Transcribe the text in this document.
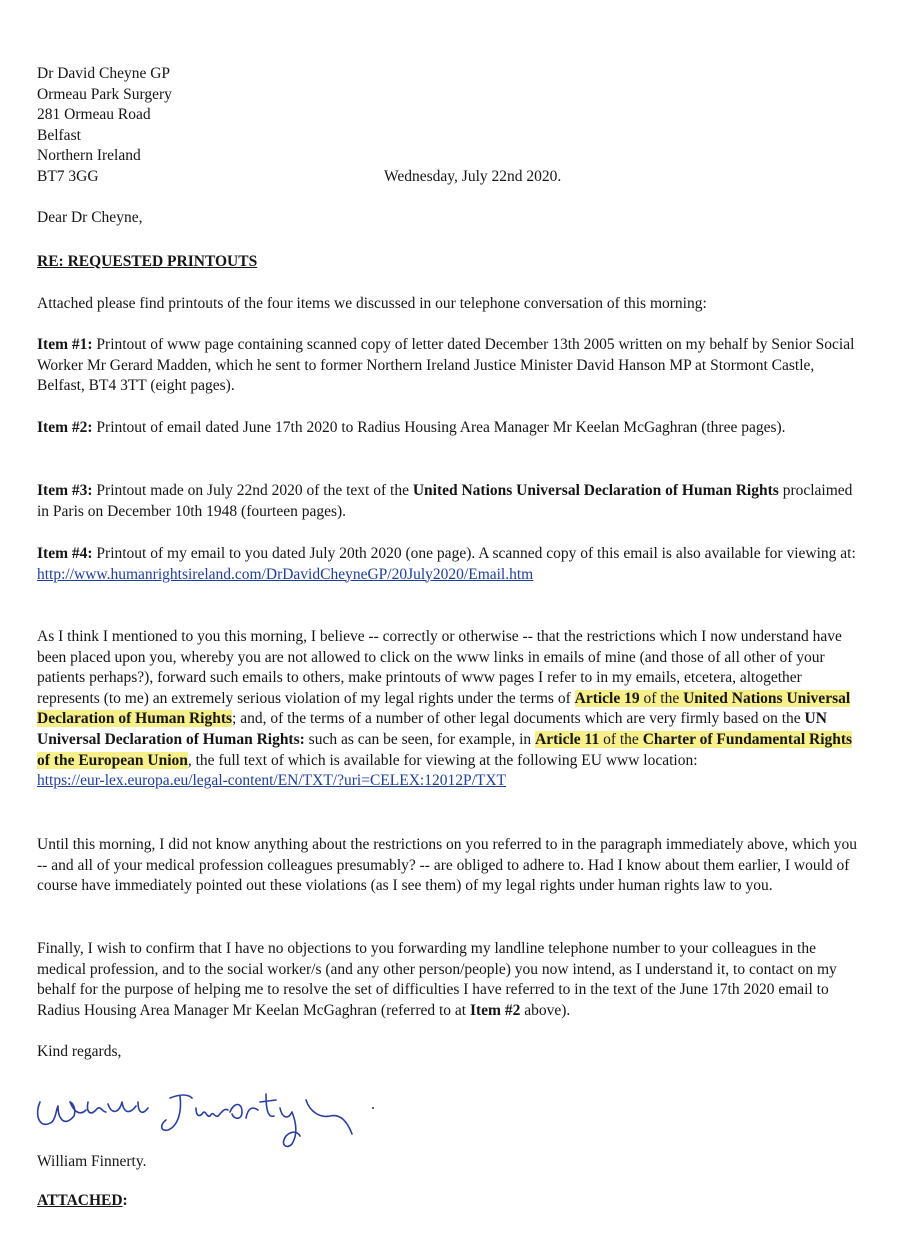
Dr David Cheyne GP
Ormeau Park Surgery
281 Ormeau Road
Belfast
Northern Ireland
BT7 3GG	Wednesday, July 22nd 2020.
Dear Dr Cheyne,
RE: REQUESTED PRINTOUTS
Attached please find printouts of the four items we discussed in our telephone conversation of this morning:
Item #1: Printout of www page containing scanned copy of letter dated December 13th 2005 written on my behalf by Senior Social Worker Mr Gerard Madden, which he sent to former Northern Ireland Justice Minister David Hanson MP at Stormont Castle, Belfast, BT4 3TT (eight pages).
Item #2: Printout of email dated June 17th 2020 to Radius Housing Area Manager Mr Keelan McGaghran (three pages).
Item #3: Printout made on July 22nd 2020 of the text of the United Nations Universal Declaration of Human Rights proclaimed in Paris on December 10th 1948 (fourteen pages).
Item #4: Printout of my email to you dated July 20th 2020 (one page). A scanned copy of this email is also available for viewing at:
http://www.humanrightsireland.com/DrDavidCheyneGP/20July2020/Email.htm
As I think I mentioned to you this morning, I believe -- correctly or otherwise -- that the restrictions which I now understand have been placed upon you, whereby you are not allowed to click on the www links in emails of mine (and those of all other of your patients perhaps?), forward such emails to others, make printouts of www pages I refer to in my emails, etcetera, altogether represents (to me) an extremely serious violation of my legal rights under the terms of Article 19 of the United Nations Universal Declaration of Human Rights; and, of the terms of a number of other legal documents which are very firmly based on the UN Universal Declaration of Human Rights: such as can be seen, for example, in Article 11 of the Charter of Fundamental Rights of the European Union, the full text of which is available for viewing at the following EU www location:
https://eur-lex.europa.eu/legal-content/EN/TXT/?uri=CELEX:12012P/TXT
Until this morning, I did not know anything about the restrictions on you referred to in the paragraph immediately above, which you -- and all of your medical profession colleagues presumably? -- are obliged to adhere to. Had I know about them earlier, I would of course have immediately pointed out these violations (as I see them) of my legal rights under human rights law to you.
Finally, I wish to confirm that I have no objections to you forwarding my landline telephone number to your colleagues in the medical profession, and to the social worker/s (and any other person/people) you now intend, as I understand it, to contact on my behalf for the purpose of helping me to resolve the set of difficulties I have referred to in the text of the June 17th 2020 email to Radius Housing Area Manager Mr Keelan McGaghran (referred to at Item #2 above).
Kind regards,
William Finnerty.
ATTACHED:
